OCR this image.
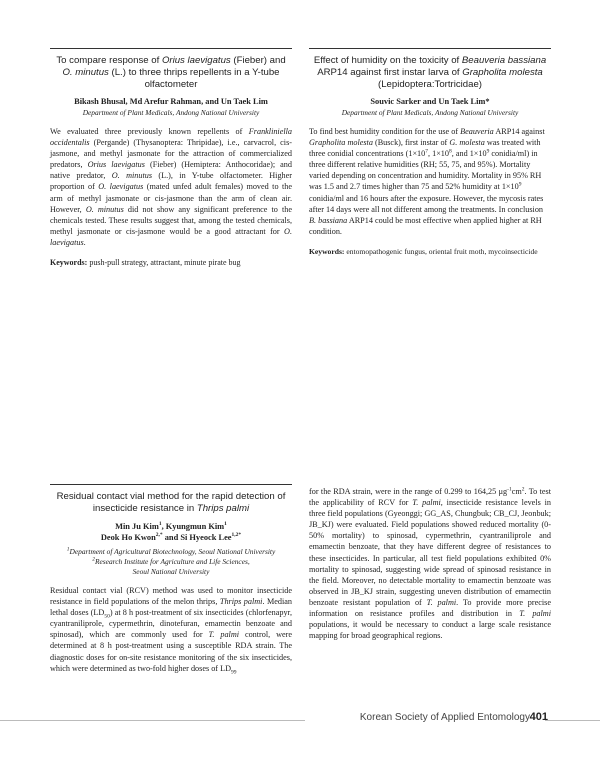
To compare response of Orius laevigatus (Fieber) and
O. minutus (L.) to three thrips repellents in a Y-tube olfactometer
Bikash Bhusal, Md Arefur Rahman, and Un Taek Lim
Department of Plant Medicals, Andong National University
We evaluated three previously known repellents of Frankliniella occidentalis (Pergande) (Thysanoptera: Thripidae), i.e., carvacrol, cis-jasmone, and methyl jasmonate for the attraction of commercialized predators, Orius laevigatus (Fieber) (Hemiptera: Anthocoridae); and native predator, O. minutus (L.), in Y-tube olfactometer. Higher proportion of O. laevigatus (mated unfed adult females) moved to the arm of methyl jasmonate or cis-jasmone than the arm of clean air. However, O. minutus did not show any significant preference to the chemicals tested. These results suggest that, among the tested chemicals, methyl jasmonate or cis-jasmone would be a good attractant for O. laevigatus.
Keywords: push-pull strategy, attractant, minute pirate bug
Effect of humidity on the toxicity of Beauveria bassiana
ARP14 against first instar larva of Grapholita molesta
(Lepidoptera:Tortricidae)
Souvic Sarker and Un Taek Lim*
Department of Plant Medicals, Andong National University
To find best humidity condition for the use of Beauveria ARP14 against Grapholita molesta (Busck), first instar of G. molesta was treated with three conidial concentrations ($1\times 10^7$, $1\times 10^8$, and $1\times 10^9$ conidia/ml) in three different relative humidities (RH; 55, 75, and 95%). Mortality varied depending on concentration and humidity. Mortality in 95% RH was 1.5 and 2.7 times higher than 75 and 52% humidity at $1\times 10^9$ conidia/ml and 16 hours after the exposure. However, the mycosis rates after 14 days were all not different among the treatments. In conclusion B. bassiana ARP14 could be most effective when applied higher at RH condition.
Keywords: entomopathogenic fungus, oriental fruit moth, mycoinsecticide
Residual contact vial method for the rapid detection of insecticide resistance in Thrips palmi
Min Ju Kim$^1$, Kyungmun Kim$^1$
Deok Ho Kwon$^{2,*}$ and Si Hyeock Lee$^{1,2*}$
$^1$Department of Agricultural Biotechnology, Seoul National University
$^2$Research Institute for Agriculture and Life Sciences,
Seoul National University
Residual contact vial (RCV) method was used to monitor insecticide resistance in field populations of the melon thrips, Thrips palmi. Median lethal doses $(LD_{50})$ at 8 h post-treatment of six insecticides (chlorfenapyr, cyantraniliprole, cypermethrin, dinotefuran, emamectin benzoate and spinosad), which are commonly used for T. palmi control, were determined at 8 h post-treatment using a susceptible RDA strain. The diagnostic doses for on-site resistance monitoring of the six insecticides, which were determined as two-fold higher doses of $LD_{99}$
for the RDA strain, were in the range of 0.299 to 164,25 $\mu g^{-1}cm^2$. To test the applicability of RCV for T. palmi, insecticide resistance levels in three field populations (Gyeonggi; GG_AS, Chungbuk; CB_CJ, Jeonbuk; JB_KJ) were evaluated. Field populations showed reduced mortality (0-50% mortality) to spinosad, cypermethrin, cyantraniliprole and emamectin benzoate, that they have different degree of resistances to these insecticides. In particular, all test field populations exhibited 0% mortality to spinosad, suggesting wide spread of spinosad resistance in the field. Moreover, no detectable mortality to emamectin benzoate was observed in JB_KJ strain, suggesting uneven distribution of emamectin benzoate resistant population of T. palmi. To provide more precise information on resistance profiles and distribution in T. palmi populations, it would be necessary to conduct a large scale resistance mapping for broad geographical regions.
Korean Society of Applied Entomology 401
